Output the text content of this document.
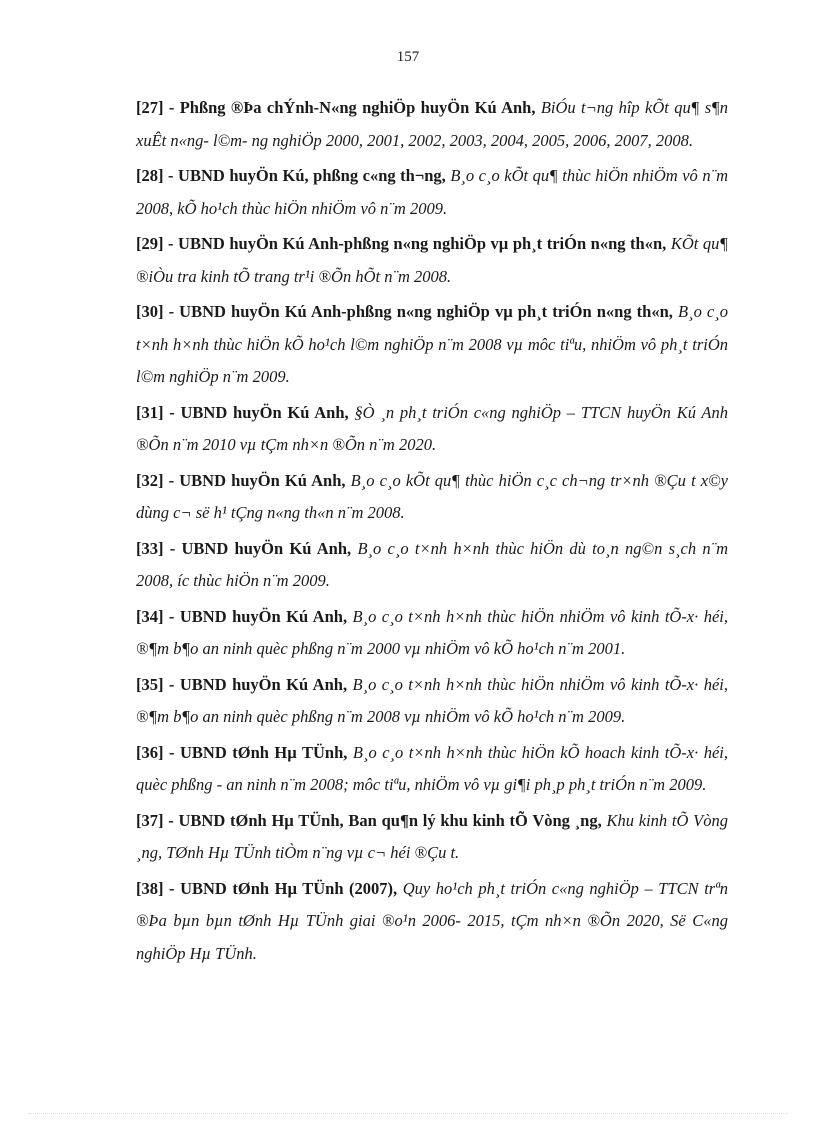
157

[27] - Phßng ®Þa chÝnh-N«ng nghiÖp huyÖn Kú Anh, BiÓu t¬ng hîp kÕt qu¶ s¶n xuÊt n«ng- l©m- ng nghiÖp 2000, 2001, 2002, 2003, 2004, 2005, 2006, 2007, 2008.

[28] - UBND huyÖn Kú, phßng c«ng th¬ng, B¸o c¸o kÕt qu¶ thùc hiÖn nhiÖm vô n¨m 2008, kÕ ho¹ch thùc hiÖn nhiÖm vô n¨m 2009.

[29] - UBND huyÖn Kú Anh-phßng n«ng nghiÖp vµ ph¸t triÓn n«ng th«n, KÕt qu¶ ®iÒu tra kinh tÕ trang tr¹i ®Õn hÕt n¨m 2008.

[30] - UBND huyÖn Kú Anh-phßng n«ng nghiÖp vµ ph¸t triÓn n«ng th«n, B¸o c¸o t×nh h×nh thùc hiÖn kÕ ho¹ch l©m nghiÖp n¨m 2008 vµ môc tiªu, nhiÖm vô ph¸t triÓn l©m nghiÖp n¨m 2009.

[31] - UBND huyÖn Kú Anh, §Ò ¸n ph¸t triÓn c«ng nghiÖp – TTCN huyÖn Kú Anh ®Õn n¨m 2010 vµ tÇm nh×n ®Õn n¨m 2020.

[32] - UBND huyÖn Kú Anh, B¸o c¸o kÕt qu¶ thùc hiÖn c¸c ch¬ng tr×nh ®Çu t x©y dùng c¬ së h¹ tÇng n«ng th«n n¨m 2008.

[33] - UBND huyÖn Kú Anh, B¸o c¸o t×nh h×nh thùc hiÖn dù to¸n ng©n s¸ch n¨m 2008, íc thùc hiÖn n¨m 2009.

[34] - UBND huyÖn Kú Anh, B¸o c¸o t×nh h×nh thùc hiÖn nhiÖm vô kinh tÕ-x· héi, ®¶m b¶o an ninh quèc phßng n¨m 2000 vµ nhiÖm vô kÕ ho¹ch n¨m 2001.

[35] - UBND huyÖn Kú Anh, B¸o c¸o t×nh h×nh thùc hiÖn nhiÖm vô kinh tÕ-x· héi, ®¶m b¶o an ninh quèc phßng n¨m 2008 vµ nhiÖm vô kÕ ho¹ch n¨m 2009.

[36] - UBND tØnh Hµ TÜnh, B¸o c¸o t×nh h×nh thùc hiÖn kÕ hoach kinh tÕ-x· héi, quèc phßng - an ninh n¨m 2008; môc tiªu, nhiÖm vô vµ gi¶i ph¸p ph¸t triÓn n¨m 2009.

[37] - UBND tØnh Hµ TÜnh, Ban qu¶n lý khu kinh tÕ Vòng ¸ng, Khu kinh tÕ Vòng ¸ng, TØnh Hµ TÜnh tiÒm n¨ng vµ c¬ héi ®Çu t.

[38] - UBND tØnh Hµ TÜnh (2007), Quy ho¹ch ph¸t triÓn c«ng nghiÖp – TTCN trªn ®Þa bµn bµn tØnh Hµ TÜnh giai ®o¹n 2006- 2015, tÇm nh×n ®Õn 2020, Së C«ng nghiÖp Hµ TÜnh.
